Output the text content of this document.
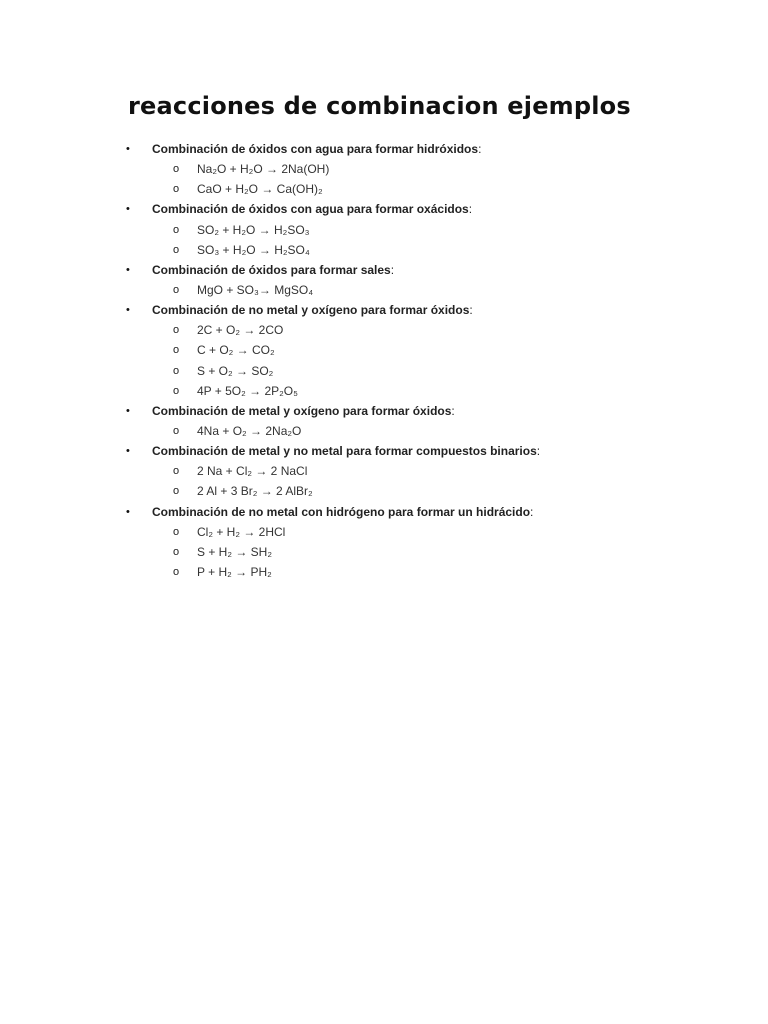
reacciones de combinacion ejemplos
• Combinación de óxidos con agua para formar hidróxidos:
o Na₂O + H₂O → 2Na(OH)
o CaO + H₂O → Ca(OH)₂
• Combinación de óxidos con agua para formar oxácidos:
o SO₂ + H₂O → H₂SO₃
o SO₃ + H₂O → H₂SO₄
• Combinación de óxidos para formar sales:
o MgO + SO₃→ MgSO₄
• Combinación de no metal y oxígeno para formar óxidos:
o 2C + O₂ → 2CO
o C + O₂ → CO₂
o S + O₂ → SO₂
o 4P + 5O₂ → 2P₂O₅
• Combinación de metal y oxígeno para formar óxidos:
o 4Na + O₂ → 2Na₂O
• Combinación de metal y no metal para formar compuestos binarios:
o 2 Na + Cl₂ → 2 NaCl
o 2 Al + 3 Br₂ → 2 AlBr₂
• Combinación de no metal con hidrógeno para formar un hidrácido:
o Cl₂ + H₂ → 2HCl
o S + H₂ → SH₂
o P + H₂ → PH₂
